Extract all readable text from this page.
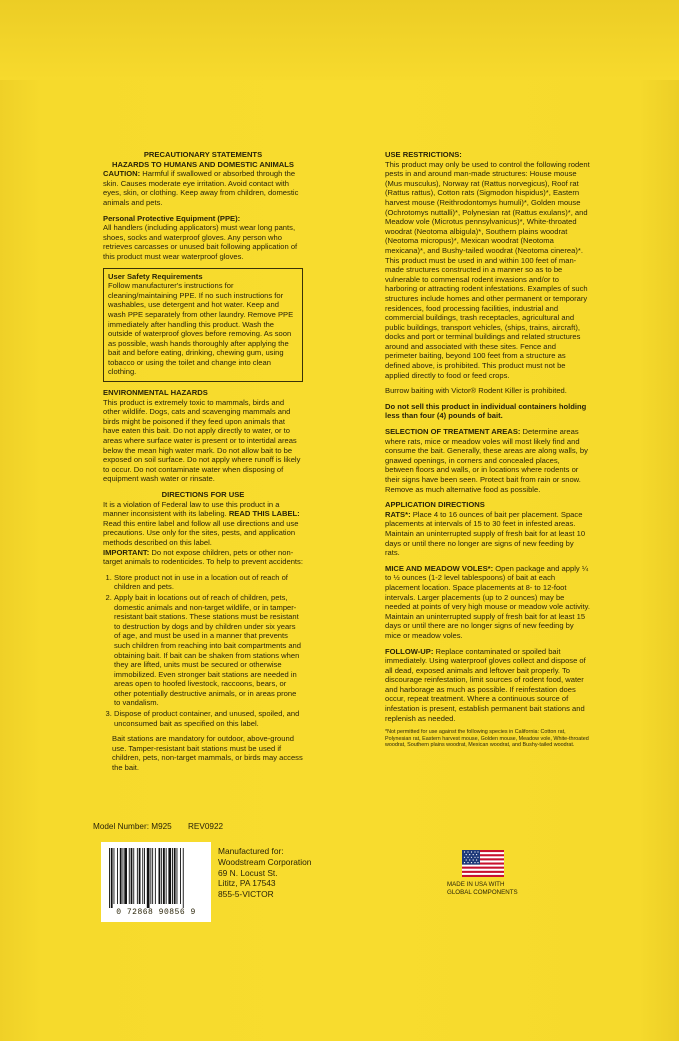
PRECAUTIONARY STATEMENTS
HAZARDS TO HUMANS AND DOMESTIC ANIMALS

CAUTION: Harmful if swallowed or absorbed through the skin. Causes moderate eye irritation. Avoid contact with eyes, skin, or clothing. Keep away from children, domestic animals and pets.

Personal Protective Equipment (PPE):

All handlers (including applicators) must wear long pants, shoes, socks and waterproof gloves. Any person who retrieves carcasses or unused bait following application of this product must wear waterproof gloves.

User Safety Requirements
Follow manufacturer's instructions for cleaning/maintaining PPE. If no such instructions for washables, use detergent and hot water. Keep and wash PPE separately from other laundry. Remove PPE immediately after handling this product. Wash the outside of waterproof gloves before removing. As soon as possible, wash hands thoroughly after applying the bait and before eating, drinking, chewing gum, using tobacco or using the toilet and change into clean clothing.
ENVIRONMENTAL HAZARDS

This product is extremely toxic to mammals, birds and other wildlife. Dogs, cats and scavenging mammals and birds might be poisoned if they feed upon animals that have eaten this bait. Do not apply directly to water, or to areas where surface water is present or to intertidal areas below the mean high water mark. Do not allow bait to be exposed on soil surface. Do not apply where runoff is likely to occur. Do not contaminate water when disposing of equipment wash water or rinsate.

DIRECTIONS FOR USE

It is a violation of Federal law to use this product in a manner inconsistent with its labeling. READ THIS LABEL: Read this entire label and follow all use directions and use precautions. Use only for the sites, pests, and application methods described on this label.
IMPORTANT: Do not expose children, pets or other non-target animals to rodenticides. To help to prevent accidents:

1. Store product not in use in a location out of reach of children and pets.
2. Apply bait in locations out of reach of children, pets, domestic animals and non-target wildlife, or in tamper-resistant bait stations. These stations must be resistant to destruction by dogs and by children under six years of age, and must be used in a manner that prevents such children from reaching into bait compartments and obtaining bait. If bait can be shaken from stations when they are lifted, units must be secured or otherwise immobilized. Even stronger bait stations are needed in areas open to hoofed livestock, raccoons, bears, or other potentially destructive animals, or in areas prone to vandalism.
3. Dispose of product container, and unused, spoiled, and unconsumed bait as specified on this label.

Bait stations are mandatory for outdoor, above-ground use. Tamper-resistant bait stations must be used if children, pets, non-target mammals, or birds may access the bait.

USE RESTRICTIONS:

This product may only be used to control the following rodent pests in and around man-made structures: House mouse (Mus musculus), Norway rat (Rattus norvegicus), Roof rat (Rattus rattus), Cotton rats (Sigmodon hispidus)*, Eastern harvest mouse (Reithrodontomys humuli)*, Golden mouse (Ochrotomys nuttalli)*, Polynesian rat (Rattus exulans)*, and Meadow vole (Microtus pennsylvanicus)*, White-throated woodrat (Neotoma albigula)*, Southern plains woodrat (Neotoma micropus)*, Mexican woodrat (Neotoma mexicana)*, and Bushy-tailed woodrat (Neotoma cinerea)*. This product must be used in and within 100 feet of man-made structures constructed in a manner so as to be vulnerable to commensal rodent invasions and/or to harboring or attracting rodent infestations. Examples of such structures include homes and other permanent or temporary residences, food processing facilities, industrial and commercial buildings, trash receptacles, agricultural and public buildings, transport vehicles, (ships, trains, aircraft), docks and port or terminal buildings and related structures around and associated with these sites. Fence and perimeter baiting, beyond 100 feet from a structure as defined above, is prohibited. This product must not be applied directly to food or feed crops.

Burrow baiting with Victor® Rodent Killer is prohibited.

Do not sell this product in individual containers holding less than four (4) pounds of bait.

SELECTION OF TREATMENT AREAS: Determine areas where rats, mice or meadow voles will most likely find and consume the bait. Generally, these areas are along walls, by gnawed openings, in corners and concealed places, between floors and walls, or in locations where rodents or their signs have been seen. Protect bait from rain or snow. Remove as much alternative food as possible.

APPLICATION DIRECTIONS

RATS*: Place 4 to 16 ounces of bait per placement. Space placements at intervals of 15 to 30 feet in infested areas. Maintain an uninterrupted supply of fresh bait for at least 10 days or until there no longer are signs of new feeding by rats.

MICE AND MEADOW VOLES*: Open package and apply ¼ to ½ ounces (1-2 level tablespoons) of bait at each placement location. Space placements at 8- to 12-foot intervals. Larger placements (up to 2 ounces) may be needed at points of very high mouse or meadow vole activity. Maintain an uninterrupted supply of fresh bait for at least 15 days or until there are no longer signs of new feeding by mice or meadow voles.

FOLLOW-UP: Replace contaminated or spoiled bait immediately. Using waterproof gloves collect and dispose of all dead, exposed animals and leftover bait properly. To discourage reinfestation, limit sources of rodent food, water and harborage as much as possible. If reinfestation does occur, repeat treatment. Where a continuous source of infestation is present, establish permanent bait stations and replenish as needed.

*Not permitted for use against the following species in California: Cotton rat, Polynesian rat, Eastern harvest mouse, Golden mouse, Meadow vole, White-throated woodrat, Southern plains woodrat, Mexican woodrat, and Bushy-tailed woodrat.

Model Number: M925 REV0922
0 72868 90856 9
Manufactured for:
Woodstream Corporation
69 N. Locust St.
Lititz, PA 17543
855-5-VICTOR
MADE IN USA WITH
GLOBAL COMPONENTS
